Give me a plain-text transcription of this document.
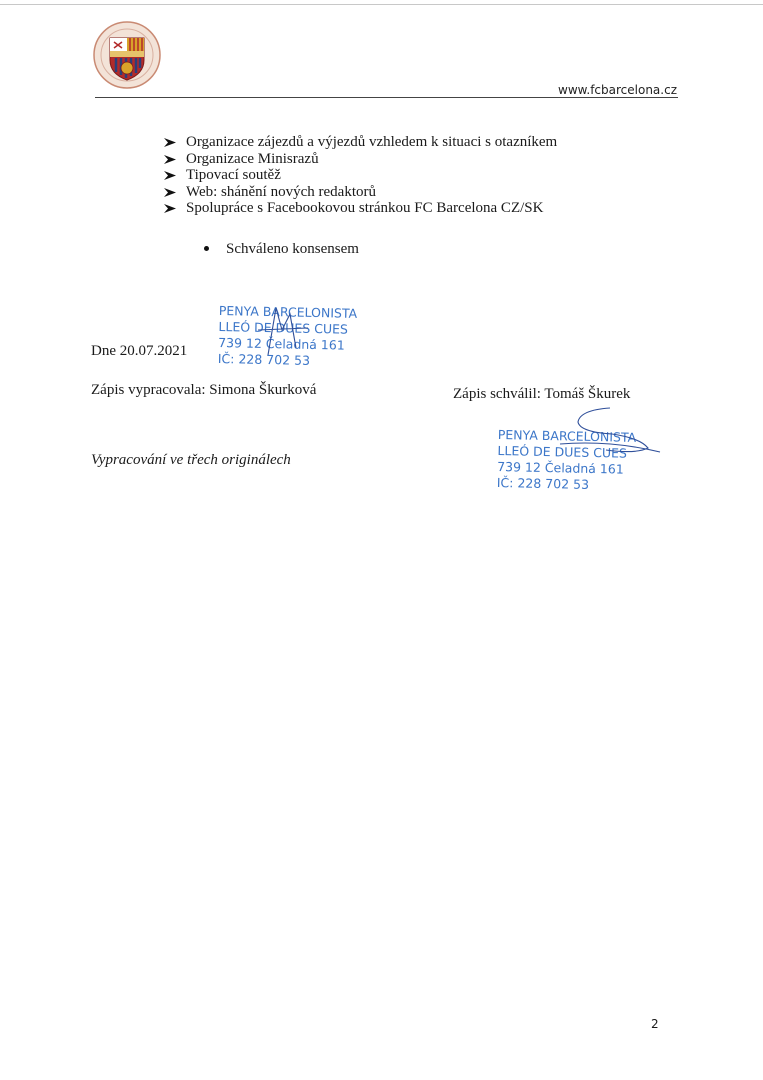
www.fcbarcelona.cz
Organizace zájezdů a výjezdů vzhledem k situaci s otazníkem
Organizace Minisrazů
Tipovací soutěž
Web: shánění nových redaktorů
Spolupráce s Facebookovou stránkou FC Barcelona CZ/SK
Schváleno konsensem
PENYA BARCELONISTA
LLEÓ DE DUES CUES
739 12 Čeladná 161
IČ: 228 702 53
Dne 20.07.2021
Zápis vypracovala: Simona Škurková	Zápis schválil: Tomáš Škurek
Vypracování ve třech originálech
PENYA BARCELONISTA
LLEÓ DE DUES CUES
739 12 Čeladná 161
IČ: 228 702 53
2
